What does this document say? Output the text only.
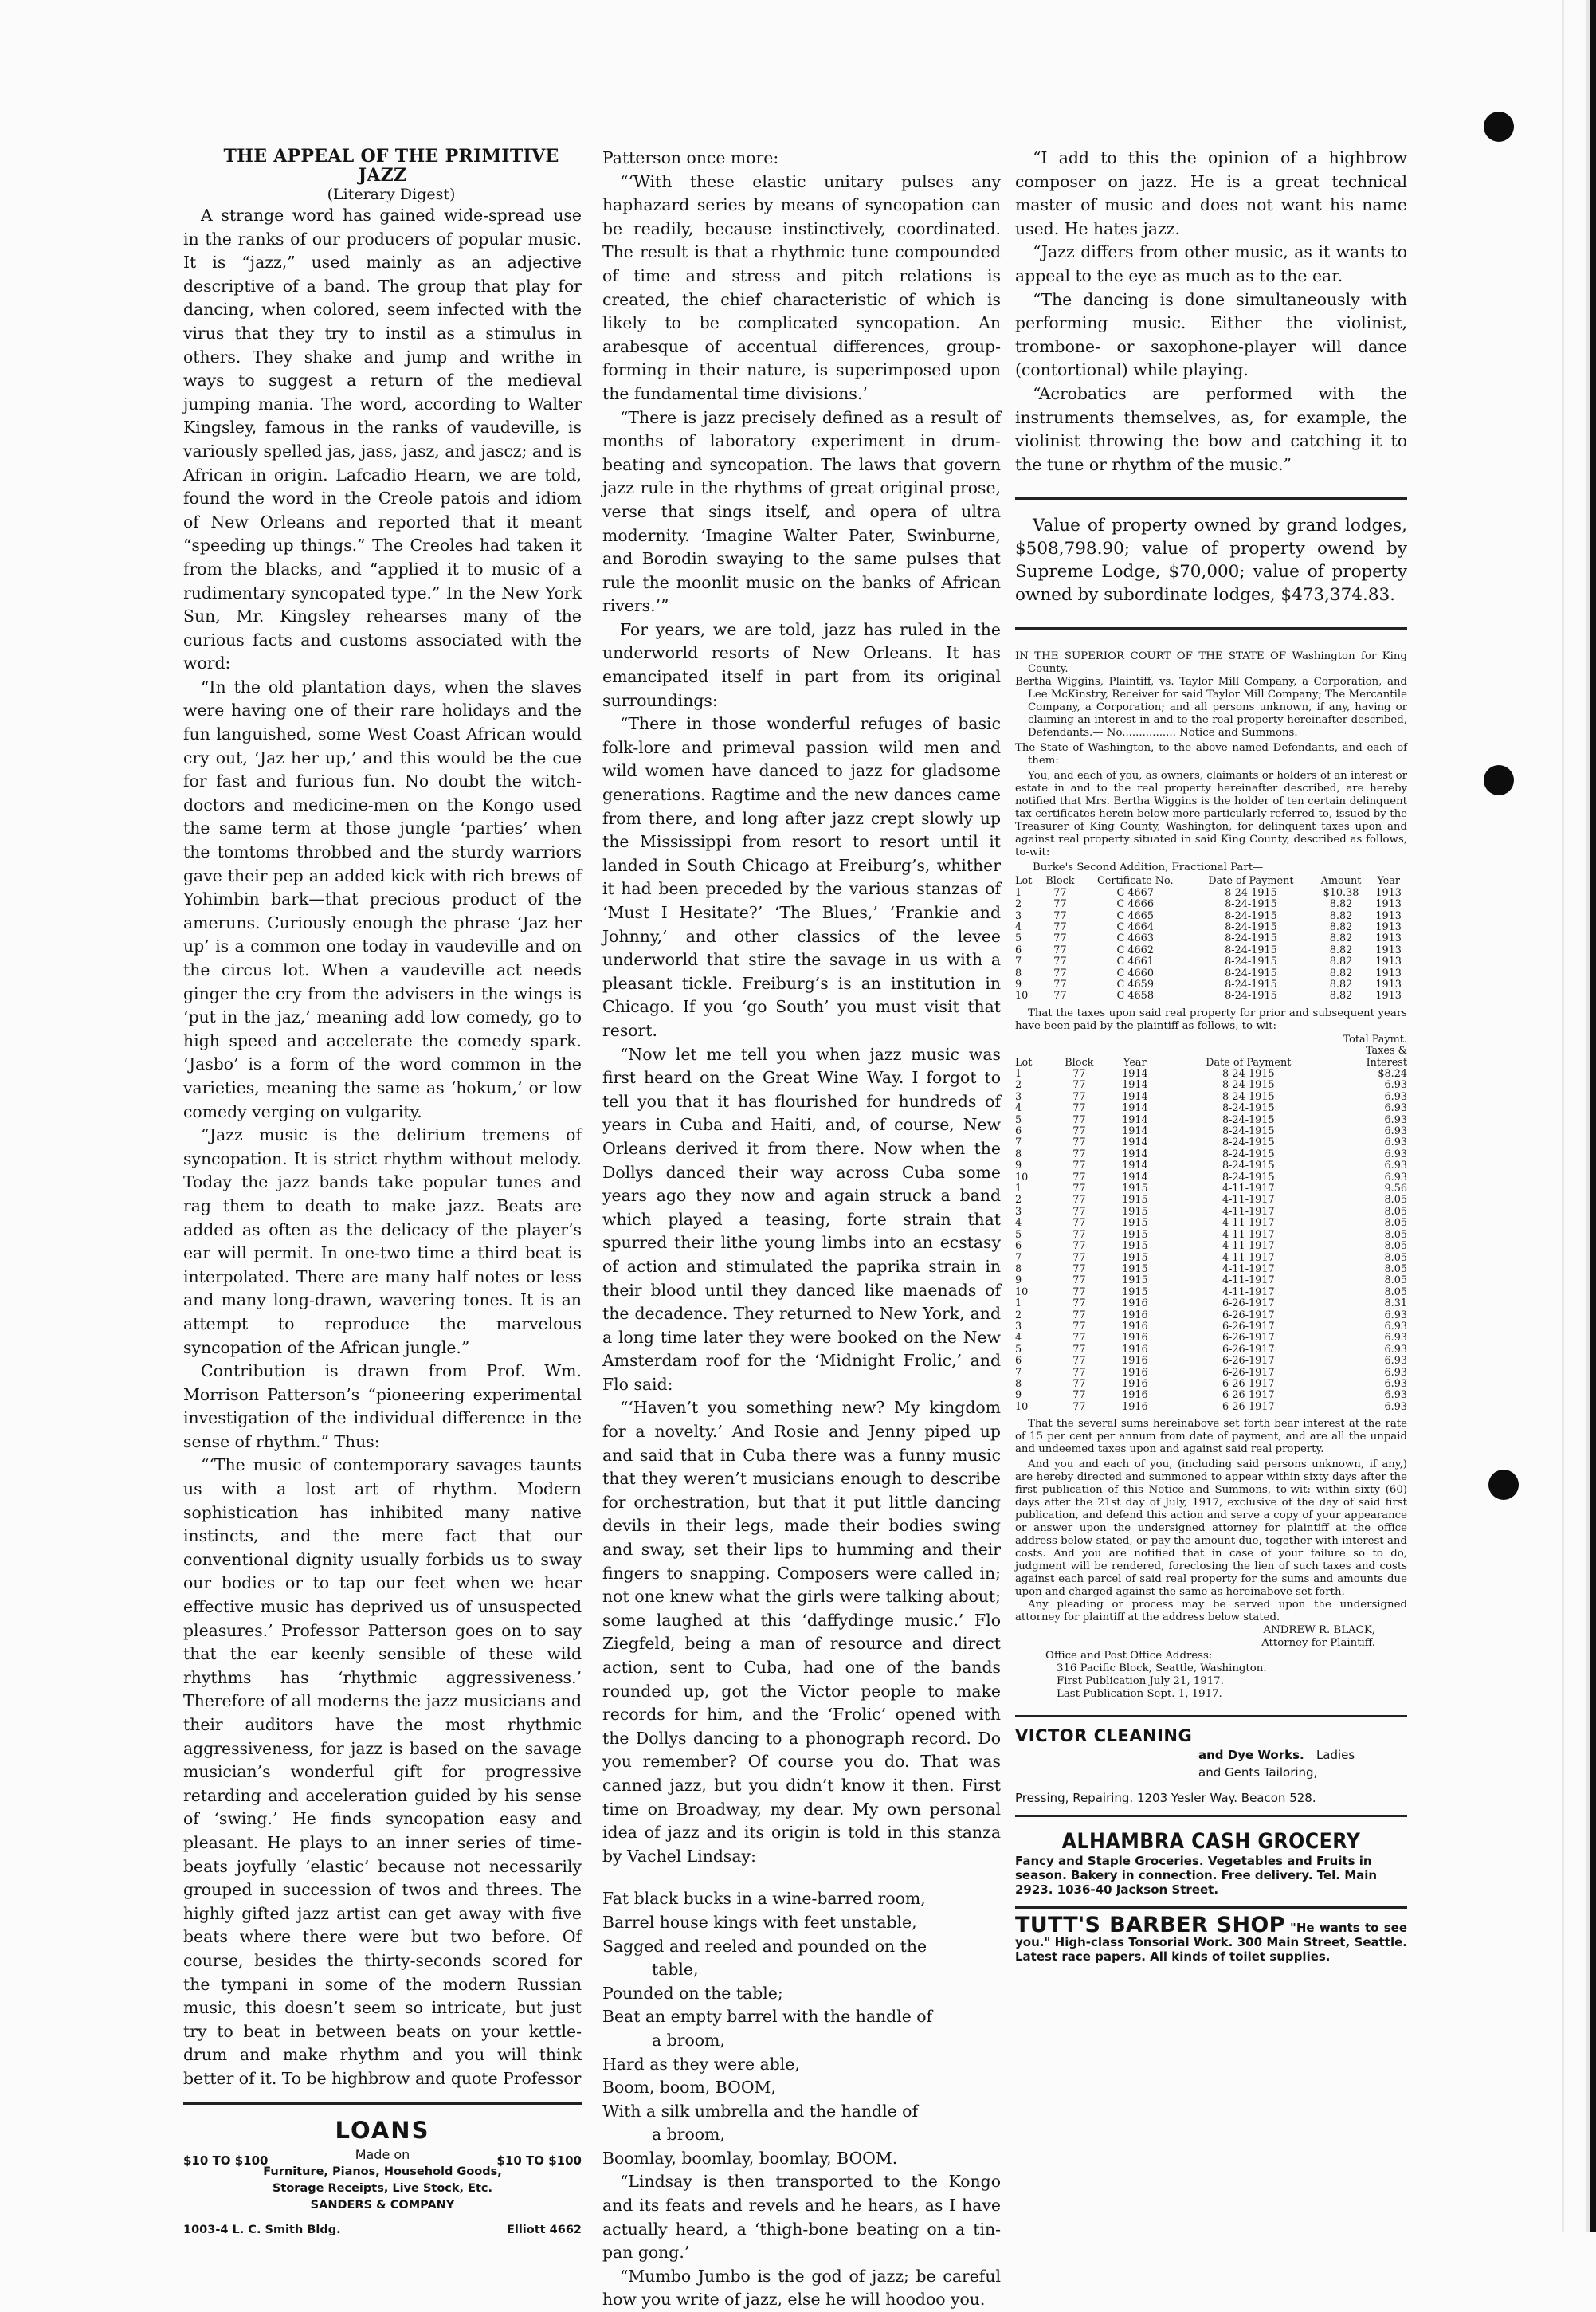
THE APPEAL OF THE PRIMITIVE JAZZ

(Literary Digest)

A strange word has gained wide-spread use in the ranks of our producers of popular music. It is “jazz,” used mainly as an adjective descriptive of a band. The group that play for dancing, when colored, seem infected with the virus that they try to instil as a stimulus in others. They shake and jump and writhe in ways to suggest a return of the medieval jumping mania. The word, according to Walter Kingsley, famous in the ranks of vaudeville, is variously spelled jas, jass, jasz, and jascz; and is African in origin. Lafcadio Hearn, we are told, found the word in the Creole patois and idiom of New Orleans and reported that it meant “speeding up things.” The Creoles had taken it from the blacks, and “applied it to music of a rudimentary syncopated type.” In the New York Sun, Mr. Kingsley rehearses many of the curious facts and customs associated with the word:

“In the old plantation days, when the slaves were having one of their rare holidays and the fun languished, some West Coast African would cry out, ‘Jaz her up,’ and this would be the cue for fast and furious fun. No doubt the witch-doctors and medicine-men on the Kongo used the same term at those jungle ‘parties’ when the tomtoms throbbed and the sturdy warriors gave their pep an added kick with rich brews of Yohimbin bark—that precious product of the ameruns. Curiously enough the phrase ‘Jaz her up’ is a common one today in vaudeville and on the circus lot. When a vaudeville act needs ginger the cry from the advisers in the wings is ‘put in the jaz,’ meaning add low comedy, go to high speed and accelerate the comedy spark. ‘Jasbo’ is a form of the word common in the varieties, meaning the same as ‘hokum,’ or low comedy verging on vulgarity.

“Jazz music is the delirium tremens of syncopation. It is strict rhythm without melody. Today the jazz bands take popular tunes and rag them to death to make jazz. Beats are added as often as the delicacy of the player’s ear will permit. In one-two time a third beat is interpolated. There are many half notes or less and many long-drawn, wavering tones. It is an attempt to reproduce the marvelous syncopation of the African jungle.”

Contribution is drawn from Prof. Wm. Morrison Patterson’s “pioneering experimental investigation of the individual difference in the sense of rhythm.” Thus:

“‘The music of contemporary savages taunts us with a lost art of rhythm. Modern sophistication has inhibited many native instincts, and the mere fact that our conventional dignity usually forbids us to sway our bodies or to tap our feet when we hear effective music has deprived us of unsuspected pleasures.’ Professor Patterson goes on to say that the ear keenly sensible of these wild rhythms has ‘rhythmic aggressiveness.’ Therefore of all moderns the jazz musicians and their auditors have the most rhythmic aggressiveness, for jazz is based on the savage musician’s wonderful gift for progressive retarding and acceleration guided by his sense of ‘swing.’ He finds syncopation easy and pleasant. He plays to an inner series of time-beats joyfully ‘elastic’ because not necessarily grouped in succession of twos and threes. The highly gifted jazz artist can get away with five beats where there were but two before. Of course, besides the thirty-seconds scored for the tympani in some of the modern Russian music, this doesn’t seem so intricate, but just try to beat in between beats on your kettle-drum and make rhythm and you will think better of it. To be highbrow and quote Professor

LOANS
$10 TO $100	$10 TO $100
Made on
Furniture, Pianos, Household Goods, Storage Receipts, Live Stock, Etc.
SANDERS & COMPANY
1003-4 L. C. Smith Bldg.	Elliott 4662

Patterson once more:

“‘With these elastic unitary pulses any haphazard series by means of syncopation can be readily, because instinctively, coordinated. The result is that a rhythmic tune compounded of time and stress and pitch relations is created, the chief characteristic of which is likely to be complicated syncopation. An arabesque of accentual differences, group-forming in their nature, is superimposed upon the fundamental time divisions.’

“There is jazz precisely defined as a result of months of laboratory experiment in drum-beating and syncopation. The laws that govern jazz rule in the rhythms of great original prose, verse that sings itself, and opera of ultra modernity. ‘Imagine Walter Pater, Swinburne, and Borodin swaying to the same pulses that rule the moonlit music on the banks of African rivers.’”

For years, we are told, jazz has ruled in the underworld resorts of New Orleans. It has emancipated itself in part from its original surroundings:

“There in those wonderful refuges of basic folk-lore and primeval passion wild men and wild women have danced to jazz for gladsome generations. Ragtime and the new dances came from there, and long after jazz crept slowly up the Mississippi from resort to resort until it landed in South Chicago at Freiburg’s, whither it had been preceded by the various stanzas of ‘Must I Hesitate?’ ‘The Blues,’ ‘Frankie and Johnny,’ and other classics of the levee underworld that stire the savage in us with a pleasant tickle. Freiburg’s is an institution in Chicago. If you ‘go South’ you must visit that resort.

“Now let me tell you when jazz music was first heard on the Great Wine Way. I forgot to tell you that it has flourished for hundreds of years in Cuba and Haiti, and, of course, New Orleans derived it from there. Now when the Dollys danced their way across Cuba some years ago they now and again struck a band which played a teasing, forte strain that spurred their lithe young limbs into an ecstasy of action and stimulated the paprika strain in their blood until they danced like maenads of the decadence. They returned to New York, and a long time later they were booked on the New Amsterdam roof for the ‘Midnight Frolic,’ and Flo said:

“‘Haven’t you something new? My kingdom for a novelty.’ And Rosie and Jenny piped up and said that in Cuba there was a funny music that they weren’t musicians enough to describe for orchestration, but that it put little dancing devils in their legs, made their bodies swing and sway, set their lips to humming and their fingers to snapping. Composers were called in; not one knew what the girls were talking about; some laughed at this ‘daffydinge music.’ Flo Ziegfeld, being a man of resource and direct action, sent to Cuba, had one of the bands rounded up, got the Victor people to make records for him, and the ‘Frolic’ opened with the Dollys dancing to a phonograph record. Do you remember? Of course you do. That was canned jazz, but you didn’t know it then. First time on Broadway, my dear. My own personal idea of jazz and its origin is told in this stanza by Vachel Lindsay:

Fat black bucks in a wine-barred room,

Barrel house kings with feet unstable,

Sagged and reeled and pounded on the

table,

Pounded on the table;

Beat an empty barrel with the handle of

a broom,

Hard as they were able,

Boom, boom, BOOM,

With a silk umbrella and the handle of

a broom,

Boomlay, boomlay, boomlay, BOOM.

“Lindsay is then transported to the Kongo and its feats and revels and he hears, as I have actually heard, a ‘thigh-bone beating on a tin-pan gong.’

“Mumbo Jumbo is the god of jazz; be careful how you write of jazz, else he will hoodoo you.

“I add to this the opinion of a highbrow composer on jazz. He is a great technical master of music and does not want his name used. He hates jazz.

“Jazz differs from other music, as it wants to appeal to the eye as much as to the ear.

“The dancing is done simultaneously with performing music. Either the violinist, trombone- or saxophone-player will dance (contortional) while playing.

“Acrobatics are performed with the instruments themselves, as, for example, the violinist throwing the bow and catching it to the tune or rhythm of the music.”

Value of property owned by grand lodges, $508,798.90; value of property owend by Supreme Lodge, $70,000; value of property owned by subordinate lodges, $473,374.83.

IN THE SUPERIOR COURT OF THE STATE OF Washington for King County.

Bertha Wiggins, Plaintiff, vs. Taylor Mill Company, a Corporation, and Lee McKinstry, Receiver for said Taylor Mill Company; The Mercantile Company, a Corporation; and all persons unknown, if any, having or claiming an interest in and to the real property hereinafter described, Defendants.— No................ Notice and Summons.

The State of Washington, to the above named Defendants, and each of them:

You, and each of you, as owners, claimants or holders of an interest or estate in and to the real property hereinafter described, are hereby notified that Mrs. Bertha Wiggins is the holder of ten certain delinquent tax certificates herein below more particularly referred to, issued by the Treasurer of King County, Washington, for delinquent taxes upon and against real property situated in said King County, described as follows, to-wit:

Burke's Second Addition, Fractional Part—

Lot	Block	Certificate No.	Date of Payment	Amount	Year
1	77	C 4667	8-24-1915	$10.38	1913
2	77	C 4666	8-24-1915	8.82	1913
3	77	C 4665	8-24-1915	8.82	1913
4	77	C 4664	8-24-1915	8.82	1913
5	77	C 4663	8-24-1915	8.82	1913
6	77	C 4662	8-24-1915	8.82	1913
7	77	C 4661	8-24-1915	8.82	1913
8	77	C 4660	8-24-1915	8.82	1913
9	77	C 4659	8-24-1915	8.82	1913
10	77	C 4658	8-24-1915	8.82	1913

That the taxes upon said real property for prior and subsequent years have been paid by the plaintiff as follows, to-wit:

Lot	Block	Year	Date of Payment	Total Paymt. Taxes & Interest
1	77	1914	8-24-1915	$8.24
2	77	1914	8-24-1915	6.93
3	77	1914	8-24-1915	6.93
4	77	1914	8-24-1915	6.93
5	77	1914	8-24-1915	6.93
6	77	1914	8-24-1915	6.93
7	77	1914	8-24-1915	6.93
8	77	1914	8-24-1915	6.93
9	77	1914	8-24-1915	6.93
10	77	1914	8-24-1915	6.93
1	77	1915	4-11-1917	9.56
2	77	1915	4-11-1917	8.05
3	77	1915	4-11-1917	8.05
4	77	1915	4-11-1917	8.05
5	77	1915	4-11-1917	8.05
6	77	1915	4-11-1917	8.05
7	77	1915	4-11-1917	8.05
8	77	1915	4-11-1917	8.05
9	77	1915	4-11-1917	8.05
10	77	1915	4-11-1917	8.05
1	77	1916	6-26-1917	8.31
2	77	1916	6-26-1917	6.93
3	77	1916	6-26-1917	6.93
4	77	1916	6-26-1917	6.93
5	77	1916	6-26-1917	6.93
6	77	1916	6-26-1917	6.93
7	77	1916	6-26-1917	6.93
8	77	1916	6-26-1917	6.93
9	77	1916	6-26-1917	6.93
10	77	1916	6-26-1917	6.93

That the several sums hereinabove set forth bear interest at the rate of 15 per cent per annum from date of payment, and are all the unpaid and undeemed taxes upon and against said real property.

And you and each of you, (including said persons unknown, if any,) are hereby directed and summoned to appear within sixty days after the first publication of this Notice and Summons, to-wit: within sixty (60) days after the 21st day of July, 1917, exclusive of the day of said first publication, and defend this action and serve a copy of your appearance or answer upon the undersigned attorney for plaintiff at the office address below stated, or pay the amount due, together with interest and costs. And you are notified that in case of your failure so to do, judgment will be rendered, foreclosing the lien of such taxes and costs against each parcel of said real property for the sums and amounts due upon and charged against the same as hereinabove set forth.

Any pleading or process may be served upon the undersigned attorney for plaintiff at the address below stated.

ANDREW R. BLACK,

Attorney for Plaintiff.

Office and Post Office Address:

316 Pacific Block, Seattle, Washington.

First Publication July 21, 1917.

Last Publication Sept. 1, 1917.

VICTOR CLEANING
and Dye Works. Ladies
and Gents Tailoring,
Pressing, Repairing. 1203 Yesler Way. Beacon 528.
ALHAMBRA CASH GROCERY
Fancy and Staple Groceries. Vegetables and Fruits in season. Bakery in connection. Free delivery. Tel. Main 2923. 1036-40 Jackson Street.
TUTT'S BARBER SHOP "He wants to see you." High-class Tonsorial Work. 300 Main Street, Seattle. Latest race papers. All kinds of toilet supplies.
